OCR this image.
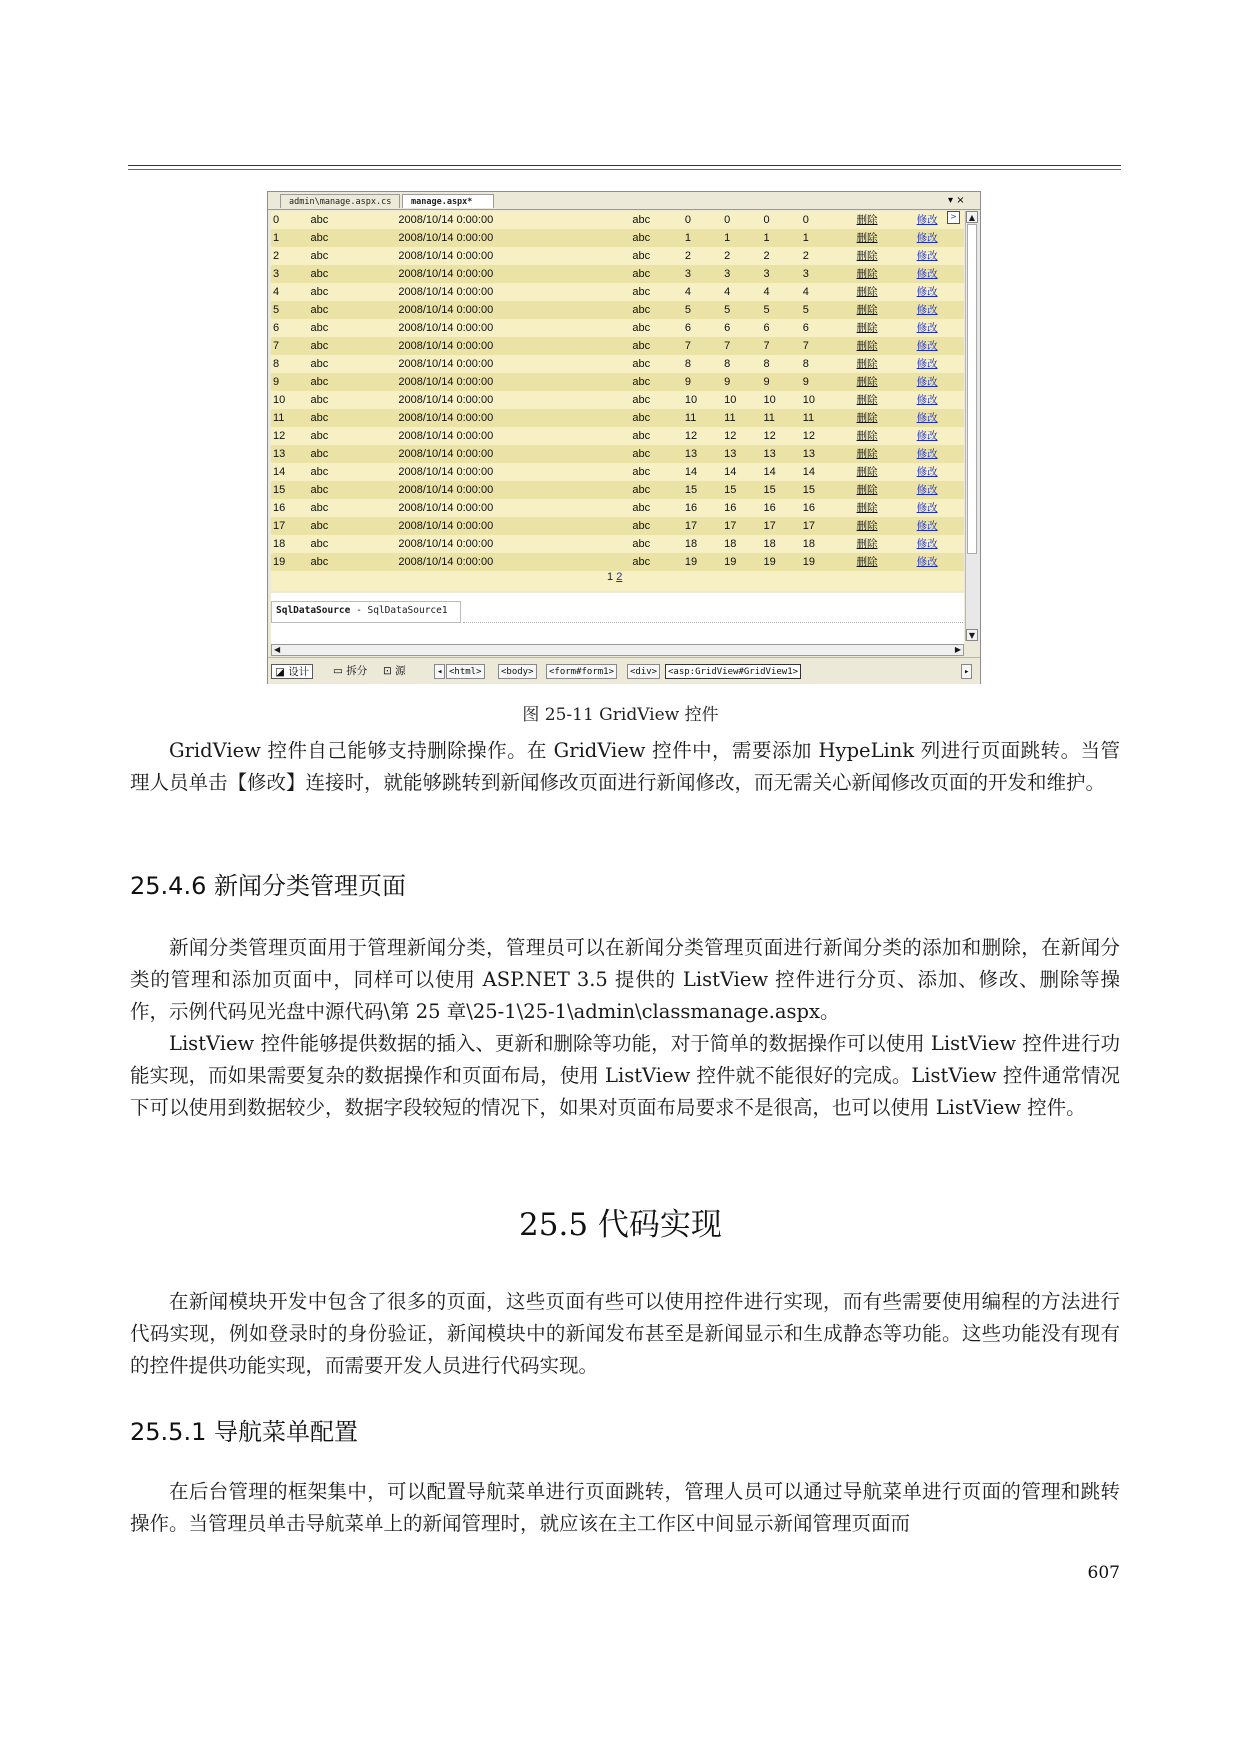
admin\manage.aspx.cs	manage.aspx*	▾ ×
0	abc	2008/10/14 0:00:00	abc	0	0	0	0	删除	修改
1	abc	2008/10/14 0:00:00	abc	1	1	1	1	删除	修改
2	abc	2008/10/14 0:00:00	abc	2	2	2	2	删除	修改
3	abc	2008/10/14 0:00:00	abc	3	3	3	3	删除	修改
4	abc	2008/10/14 0:00:00	abc	4	4	4	4	删除	修改
5	abc	2008/10/14 0:00:00	abc	5	5	5	5	删除	修改
6	abc	2008/10/14 0:00:00	abc	6	6	6	6	删除	修改
7	abc	2008/10/14 0:00:00	abc	7	7	7	7	删除	修改
8	abc	2008/10/14 0:00:00	abc	8	8	8	8	删除	修改
9	abc	2008/10/14 0:00:00	abc	9	9	9	9	删除	修改
10	abc	2008/10/14 0:00:00	abc	10	10	10	10	删除	修改
11	abc	2008/10/14 0:00:00	abc	11	11	11	11	删除	修改
12	abc	2008/10/14 0:00:00	abc	12	12	12	12	删除	修改
13	abc	2008/10/14 0:00:00	abc	13	13	13	13	删除	修改
14	abc	2008/10/14 0:00:00	abc	14	14	14	14	删除	修改
15	abc	2008/10/14 0:00:00	abc	15	15	15	15	删除	修改
16	abc	2008/10/14 0:00:00	abc	16	16	16	16	删除	修改
17	abc	2008/10/14 0:00:00	abc	17	17	17	17	删除	修改
18	abc	2008/10/14 0:00:00	abc	18	18	18	18	删除	修改
19	abc	2008/10/14 0:00:00	abc	19	19	19	19	删除	修改
1 2
>
SqlDataSource - SqlDataSource1
▲
▼
◀	▶
◪ 设计	▭ 拆分 ⊡ 源	◂ <html>	<body>	<form#form1>	<div>	<asp:GridView#GridView1>	▸
图 25-11 GridView 控件

GridView 控件自己能够支持删除操作。在 GridView 控件中，需要添加 HypeLink 列进行页面跳转。当管理人员单击【修改】连接时，就能够跳转到新闻修改页面进行新闻修改，而无需关心新闻修改页面的开发和维护。

25.4.6 新闻分类管理页面

新闻分类管理页面用于管理新闻分类，管理员可以在新闻分类管理页面进行新闻分类的添加和删除，在新闻分类的管理和添加页面中，同样可以使用 ASP.NET 3.5 提供的 ListView 控件进行分页、添加、修改、删除等操作，示例代码见光盘中源代码\第 25 章\25-1\25-1\admin\classmanage.aspx。

ListView 控件能够提供数据的插入、更新和删除等功能，对于简单的数据操作可以使用 ListView 控件进行功能实现，而如果需要复杂的数据操作和页面布局，使用 ListView 控件就不能很好的完成。ListView 控件通常情况下可以使用到数据较少，数据字段较短的情况下，如果对页面布局要求不是很高，也可以使用 ListView 控件。

25.5 代码实现

在新闻模块开发中包含了很多的页面，这些页面有些可以使用控件进行实现，而有些需要使用编程的方法进行代码实现，例如登录时的身份验证，新闻模块中的新闻发布甚至是新闻显示和生成静态等功能。这些功能没有现有的控件提供功能实现，而需要开发人员进行代码实现。

25.5.1 导航菜单配置

在后台管理的框架集中，可以配置导航菜单进行页面跳转，管理人员可以通过导航菜单进行页面的管理和跳转操作。当管理员单击导航菜单上的新闻管理时，就应该在主工作区中间显示新闻管理页面而

607
